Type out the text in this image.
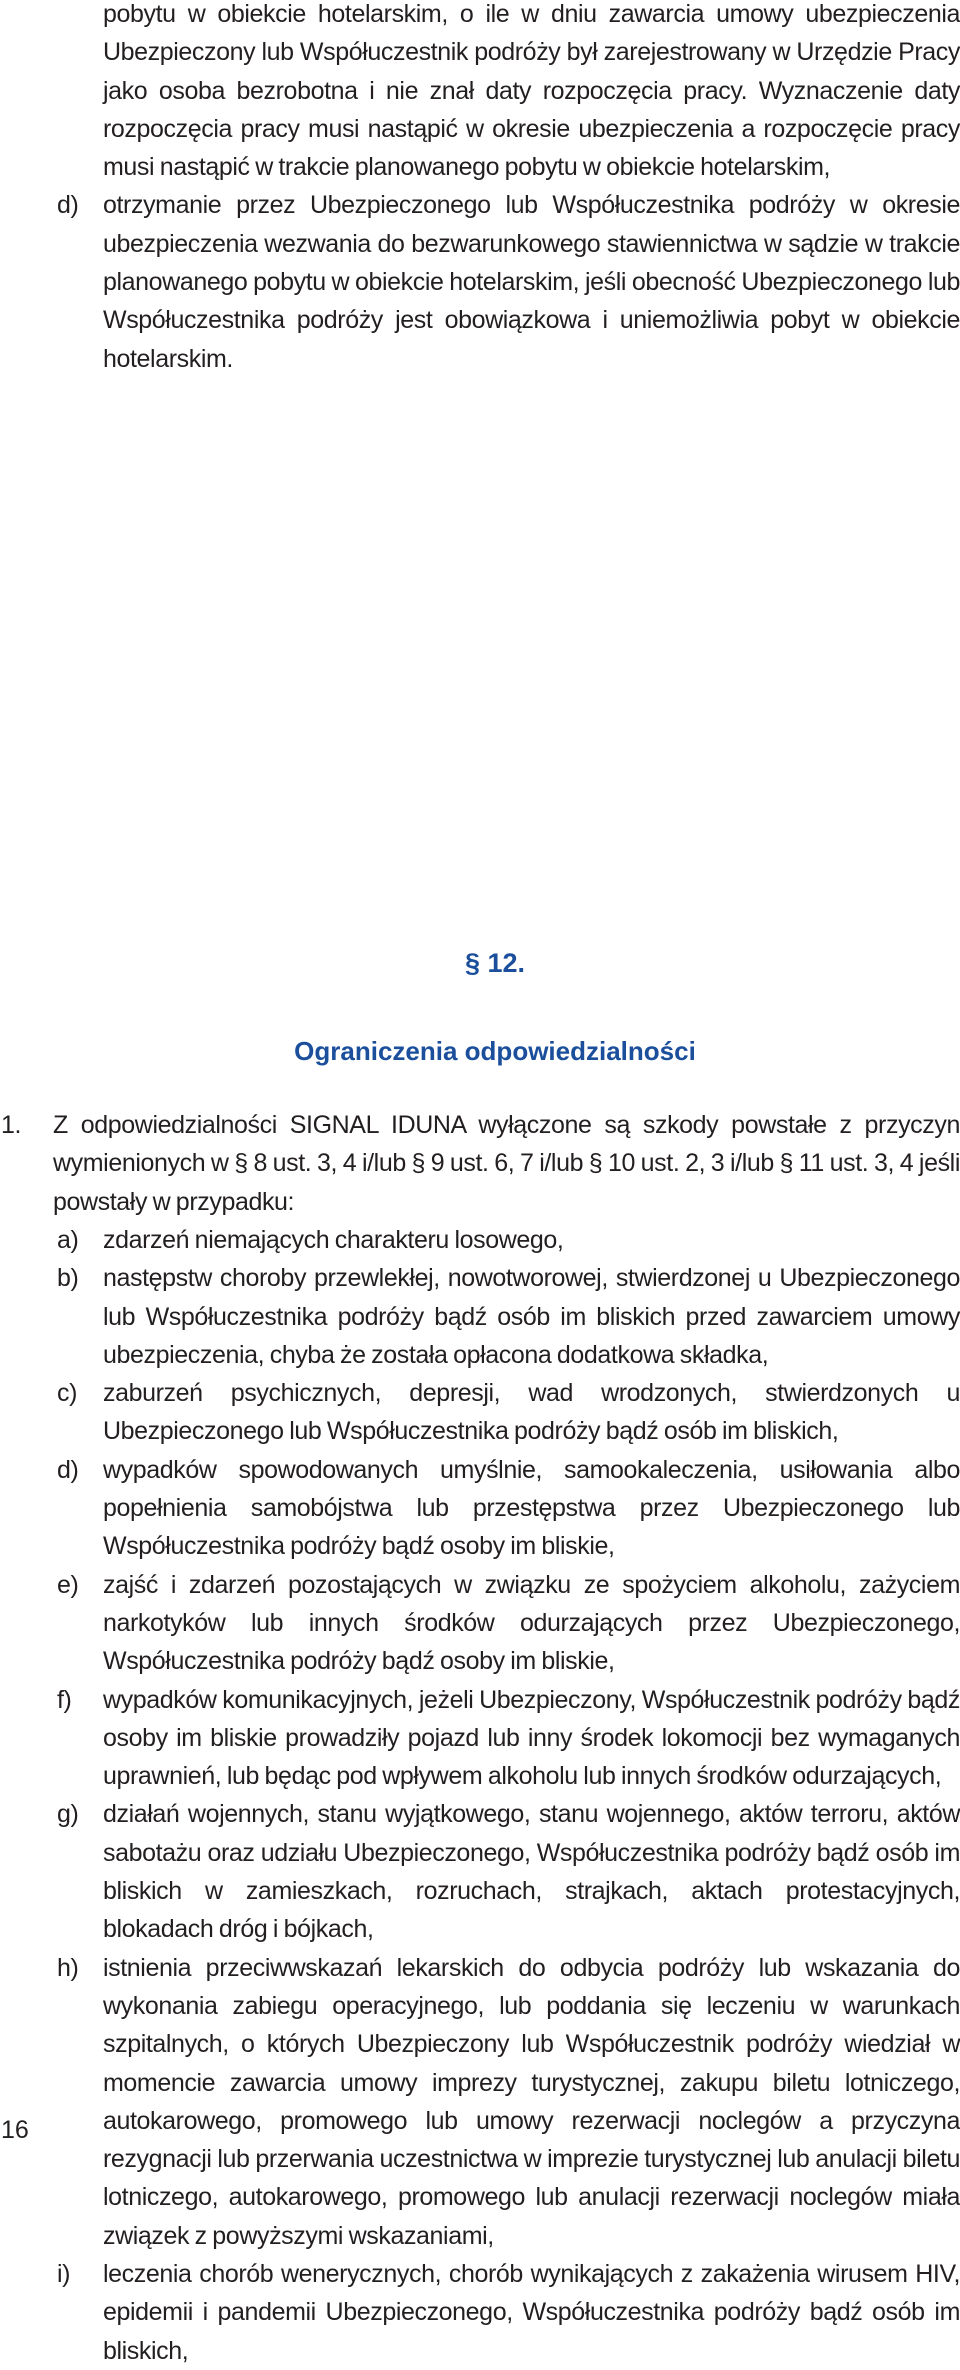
pobytu w obiekcie hotelarskim, o ile w dniu zawarcia umowy ubezpieczenia Ubezpieczony lub Współuczestnik podróży był zarejestrowany w Urzędzie Pracy jako osoba bezrobotna i nie znał daty rozpoczęcia pracy. Wyznaczenie daty rozpoczęcia pracy musi nastąpić w okresie ubezpieczenia a rozpoczęcie pracy musi nastąpić w trakcie planowanego pobytu w obiekcie hotelarskim,
d) otrzymanie przez Ubezpieczonego lub Współuczestnika podróży w okresie ubezpieczenia wezwania do bezwarunkowego stawiennictwa w sądzie w trakcie planowanego pobytu w obiekcie hotelarskim, jeśli obecność Ubezpieczonego lub Współuczestnika podróży jest obowiązkowa i uniemożliwia pobyt w obiekcie hotelarskim.
§ 12.
Ograniczenia odpowiedzialności
1. Z odpowiedzialności SIGNAL IDUNA wyłączone są szkody powstałe z przyczyn wymienionych w § 8 ust. 3, 4 i/lub § 9 ust. 6, 7 i/lub § 10 ust. 2, 3 i/lub § 11 ust. 3, 4 jeśli powstały w przypadku:
a) zdarzeń niemających charakteru losowego,
b) następstw choroby przewlekłej, nowotworowej, stwierdzonej u Ubezpieczonego lub Współuczestnika podróży bądź osób im bliskich przed zawarciem umowy ubezpieczenia, chyba że została opłacona dodatkowa składka,
c)	zaburzeń psychicznych, depresji, wad wrodzonych, stwierdzonych u Ubezpieczonego lub Współuczestnika podróży bądź osób im bliskich,
d) wypadków spowodowanych umyślnie, samookaleczenia, usiłowania albo popełnienia samobójstwa lub przestępstwa przez Ubezpieczonego lub Współuczestnika podróży bądź osoby im bliskie,
e) zajść i zdarzeń pozostających w związku ze spożyciem alkoholu, zażyciem narkotyków lub innych środków odurzających przez Ubezpieczonego, Współuczestnika podróży bądź osoby im bliskie,
f)	wypadków komunikacyjnych, jeżeli Ubezpieczony, Współuczestnik podróży bądź osoby im bliskie prowadziły pojazd lub inny środek lokomocji bez wymaganych uprawnień, lub będąc pod wpływem alkoholu lub innych środków odurzających,
g) działań wojennych, stanu wyjątkowego, stanu wojennego, aktów terroru, aktów sabotażu oraz udziału Ubezpieczonego, Współuczestnika podróży bądź osób im bliskich w zamieszkach, rozruchach, strajkach, aktach protestacyjnych, blokadach dróg i bójkach,
h) istnienia przeciwwskazań lekarskich do odbycia podróży lub wskazania do wykonania zabiegu operacyjnego, lub poddania się leczeniu w warunkach szpitalnych, o których Ubezpieczony lub Współuczestnik podróży wiedział w momencie zawarcia umowy imprezy turystycznej, zakupu biletu lotniczego, autokarowego, promowego lub umowy rezerwacji noclegów a przyczyna rezygnacji lub przerwania uczestnictwa w imprezie turystycznej lub anulacji biletu lotniczego, autokarowego, promowego lub anulacji rezerwacji noclegów miała związek z powyższymi wskazaniami,
i)	leczenia chorób wenerycznych, chorób wynikających z zakażenia wirusem HIV, epidemii i pandemii Ubezpieczonego, Współuczestnika podróży bądź osób im bliskich,
16
